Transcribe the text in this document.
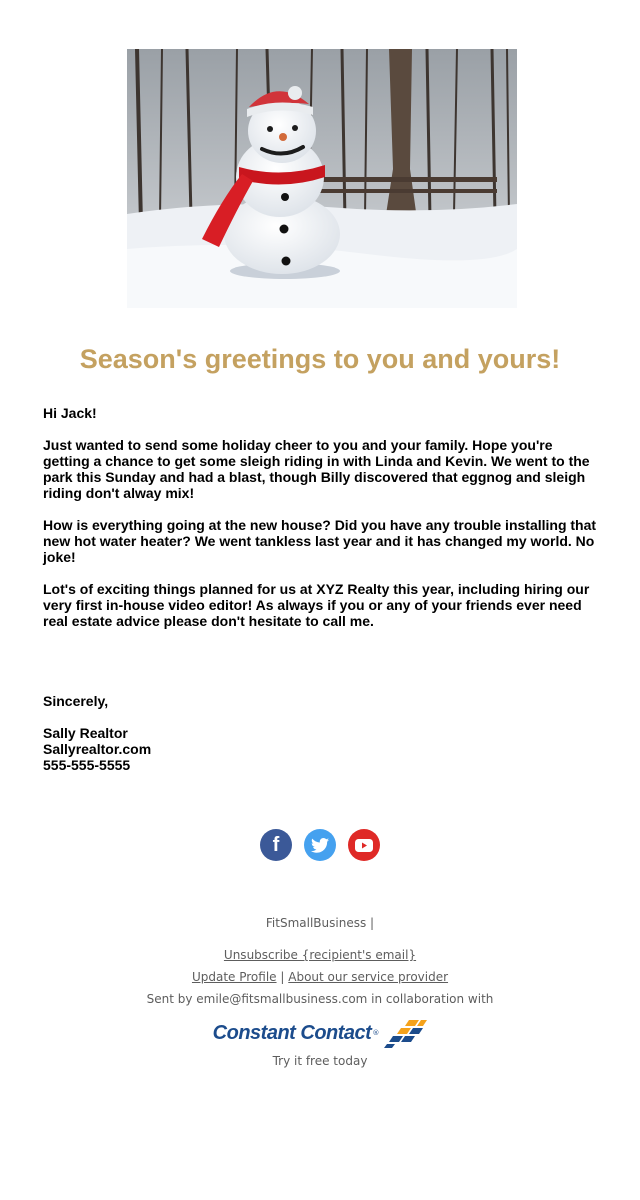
Season's greetings to you and yours!

Hi Jack!

Just wanted to send some holiday cheer to you and your family. Hope you're getting a chance to get some sleigh riding in with Linda and Kevin. We went to the park this Sunday and had a blast, though Billy discovered that eggnog and sleigh riding don't alway mix!

How is everything going at the new house? Did you have any trouble installing that new hot water heater? We went tankless last year and it has changed my world. No joke!

Lot's of exciting things planned for us at XYZ Realty this year, including hiring our very first in-house video editor! As always if you or any of your friends ever need real estate advice please don't hesitate to call me.

Sincerely,

Sally Realtor

Sallyrealtor.com

555-555-5555

f
FitSmallBusiness |
Unsubscribe {recipient's email}
Update Profile | About our service provider
Sent by emile@fitsmallbusiness.com in collaboration with
Constant Contact ®
Try it free today
